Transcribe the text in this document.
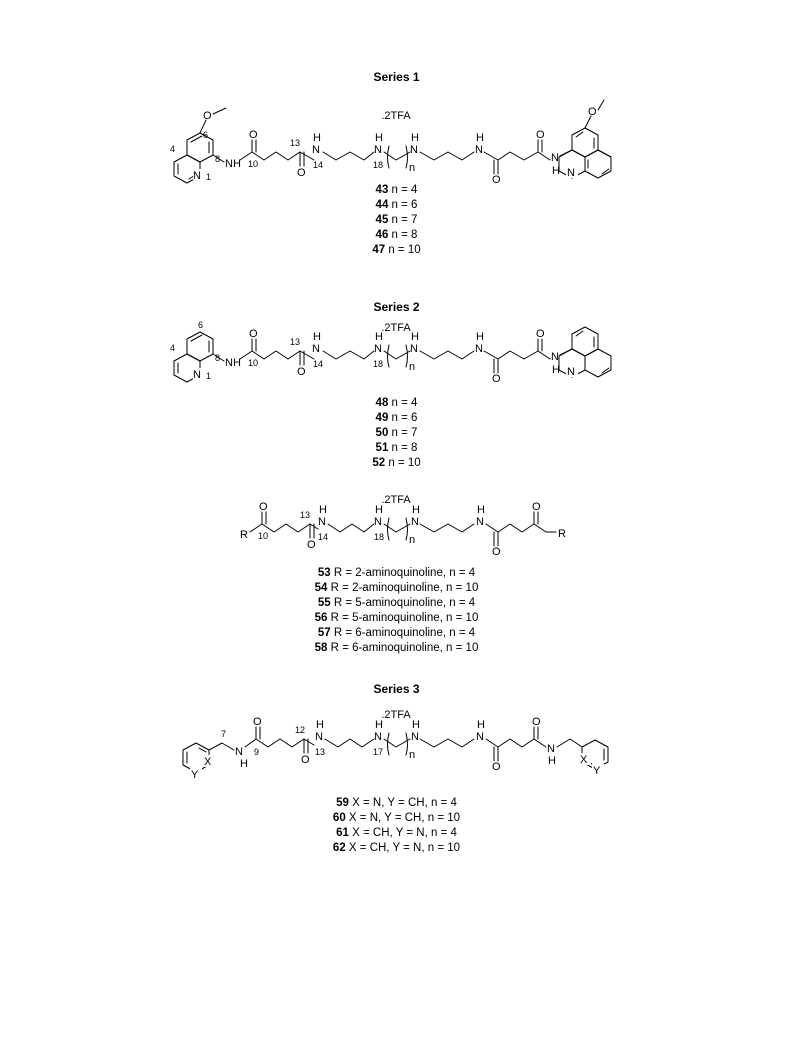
Series 1
.2TFA
N 1
4
6
8
O
NH
O
O
10
13 H
N
14
N
H
18 n
N
H	H
N
O
O
N
H N
O
43 n = 4
44 n = 6
45 n = 7
46 n = 8
47 n = 10
Series 2
.2TFA
N 1
4
6
8 NH
O
O
10
13 H
N
14
N
H
18 n
N
H	H
N
O
O
N
H N
48 n = 4
49 n = 6
50 n = 7
51 n = 8
52 n = 10
.2TFA
R
O
O
10
13 H
N
14
N
H
18 n
N
H	H
N
O
O
R
53 R = 2-aminoquinoline, n = 4
54 R = 2-aminoquinoline, n = 10
55 R = 5-aminoquinoline, n = 4
56 R = 5-aminoquinoline, n = 10
57 R = 6-aminoquinoline, n = 4
58 R = 6-aminoquinoline, n = 10
Series 3
.2TFA
X
Y
7
N
H
O
O
9
12 H
N
13
N
H
17 n
N
H	H
N
O
O
N
H X
Y
59 X = N, Y = CH, n = 4
60 X = N, Y = CH, n = 10
61 X = CH, Y = N, n = 4
62 X = CH, Y = N, n = 10
